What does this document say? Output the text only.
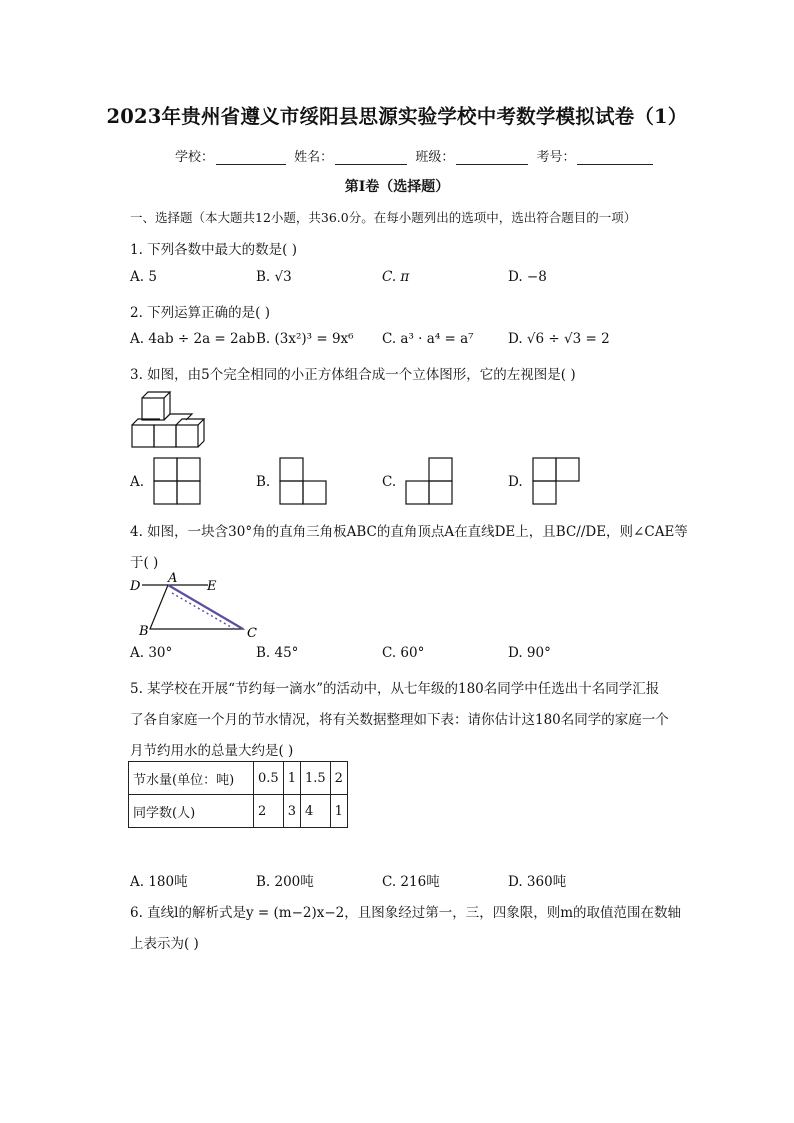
2023年贵州省遵义市绥阳县思源实验学校中考数学模拟试卷（1）
学校：	姓名：	班级：	考号：
第I卷（选择题）
一、选择题（本大题共12小题，共36.0分。在每小题列出的选项中，选出符合题目的一项）
1. 下列各数中最大的数是( )
A. 5	B. √3	C. π	D. −8
2. 下列运算正确的是( )
A. 4ab ÷ 2a = 2ab B. (3x²)³ = 9x⁶ C. a³ · a⁴ = a⁷	D. √6 ÷ √3 = 2
3. 如图，由5个完全相同的小正方体组合成一个立体图形，它的左视图是( )
A.	B.	C.	D.
4. 如图，一块含30°角的直角三角板ABC的直角顶点A在直线DE上，且BC//DE，则∠CAE等
于( )
D
A
E
B	C
A. 30°	B. 45°	C. 60°	D. 90°
5. 某学校在开展“节约每一滴水”的活动中，从七年级的180名同学中任选出十名同学汇报
了各自家庭一个月的节水情况，将有关数据整理如下表：请你估计这180名同学的家庭一个
月节约用水的总量大约是( )
节水量(单位：吨)	0.5	1	1.5	2
同学数(人)	2	3	4	1
A. 180吨	B. 200吨	C. 216吨	D. 360吨
6. 直线l的解析式是y = (m−2)x−2，且图象经过第一，三，四象限，则m的取值范围在数轴
上表示为( )
